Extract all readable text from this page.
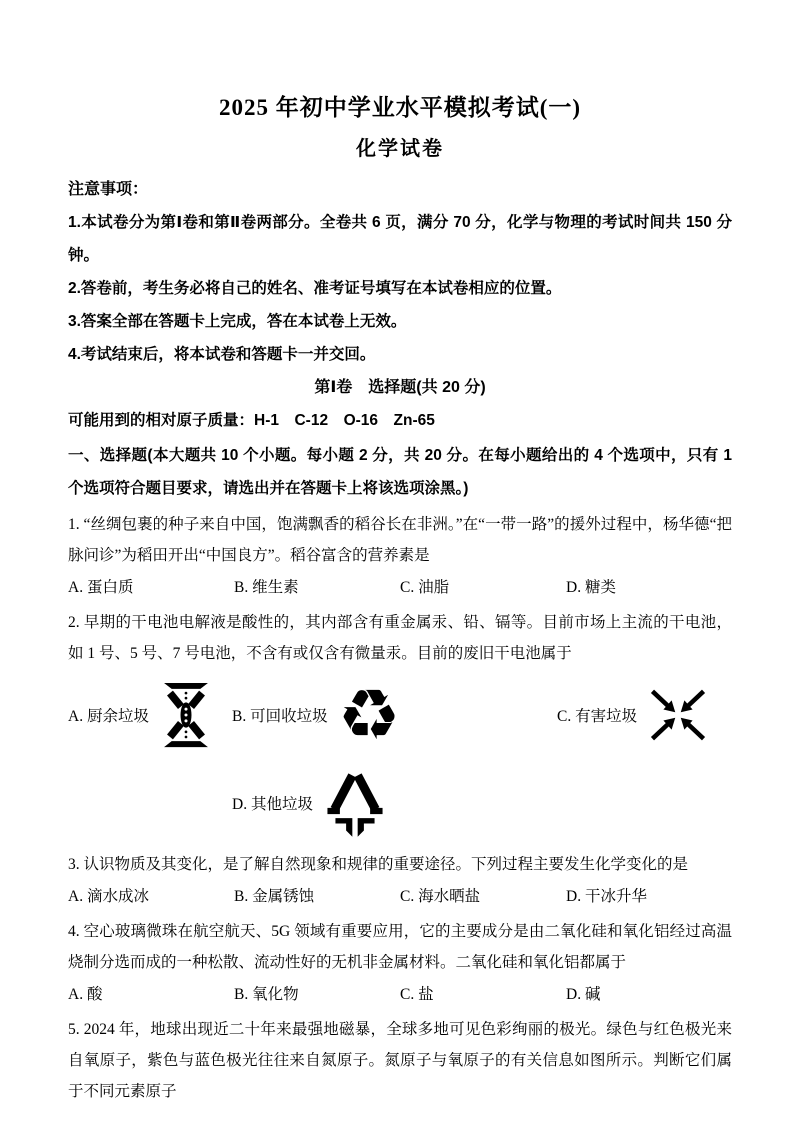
2025 年初中学业水平模拟考试(一)
化学试卷
注意事项：
1.本试卷分为第Ⅰ卷和第Ⅱ卷两部分。全卷共 6 页，满分 70 分，化学与物理的考试时间共 150 分钟。
2.答卷前，考生务必将自己的姓名、准考证号填写在本试卷相应的位置。
3.答案全部在答题卡上完成，答在本试卷上无效。
4.考试结束后，将本试卷和答题卡一并交回。
第Ⅰ卷　选择题(共 20 分)
可能用到的相对原子质量：H-1　C-12　O-16　Zn-65
一、选择题(本大题共 10 个小题。每小题 2 分，共 20 分。在每小题给出的 4 个选项中，只有 1 个选项符合题目要求，请选出并在答题卡上将该选项涂黑。)
1. “丝绸包裹的种子来自中国，饱满飘香的稻谷长在非洲。”在“一带一路”的援外过程中，杨华德“把脉问诊”为稻田开出“中国良方”。稻谷富含的营养素是
A. 蛋白质	B. 维生素	C. 油脂	D. 糖类
2. 早期的干电池电解液是酸性的，其内部含有重金属汞、铅、镉等。目前市场上主流的干电池，如 1 号、5 号、7 号电池，不含有或仅含有微量汞。目前的废旧干电池属于
A. 厨余垃圾	B. 可回收垃圾 ♻	C. 有害垃圾
D. 其他垃圾
3. 认识物质及其变化，是了解自然现象和规律的重要途径。下列过程主要发生化学变化的是
A. 滴水成冰	B. 金属锈蚀	C. 海水晒盐	D. 干冰升华
4. 空心玻璃微珠在航空航天、5G 领域有重要应用，它的主要成分是由二氧化硅和氧化铝经过高温烧制分选而成的一种松散、流动性好的无机非金属材料。二氧化硅和氧化铝都属于
A. 酸	B. 氧化物	C. 盐	D. 碱
5. 2024 年，地球出现近二十年来最强地磁暴，全球多地可见色彩绚丽的极光。绿色与红色极光来自氧原子，紫色与蓝色极光往往来自氮原子。氮原子与氧原子的有关信息如图所示。判断它们属于不同元素原子
